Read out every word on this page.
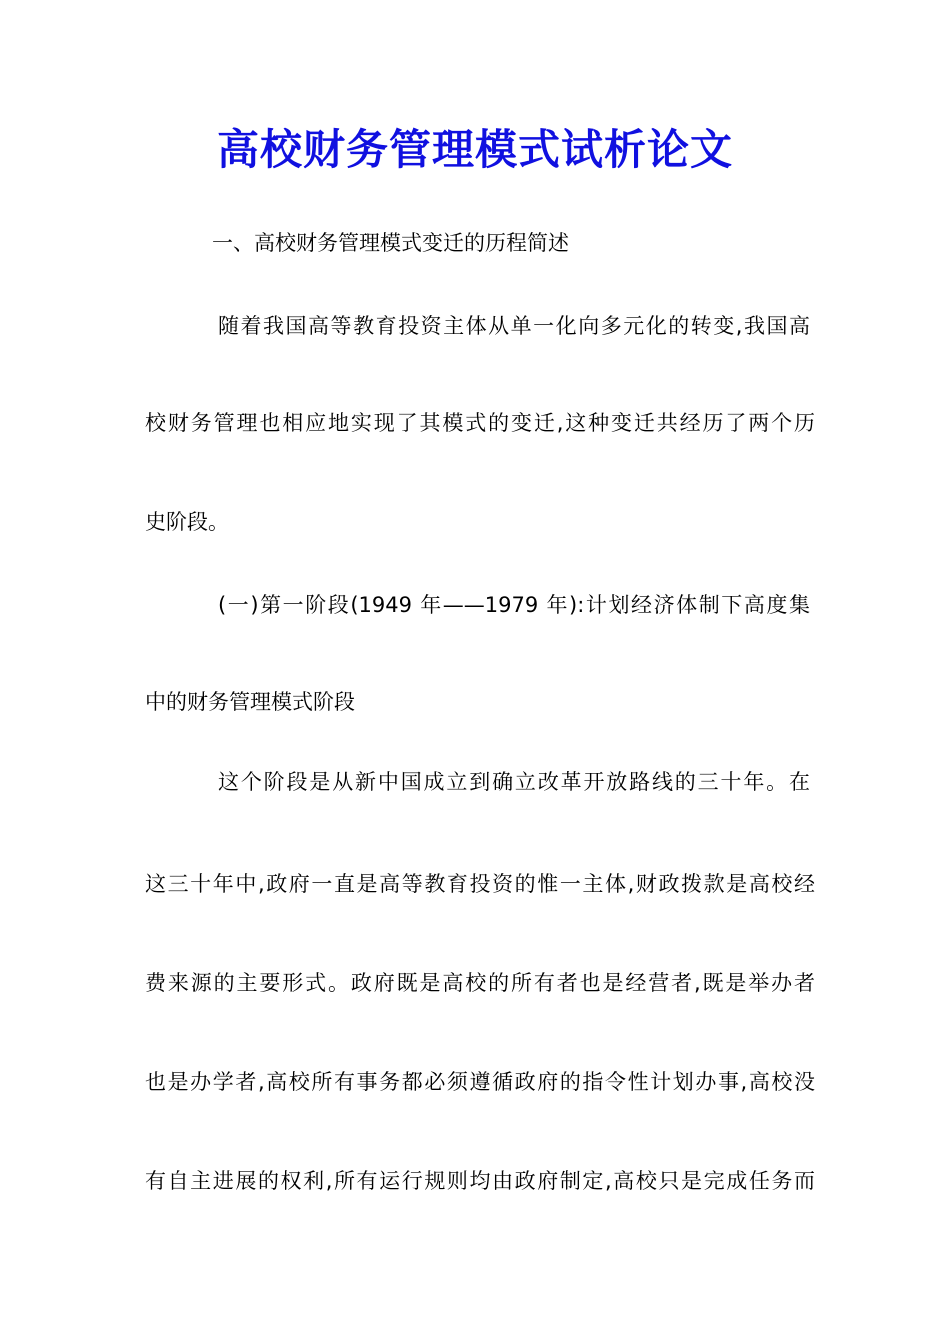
高校财务管理模式试析论文
一、高校财务管理模式变迁的历程简述
随着我国高等教育投资主体从单一化向多元化的转变,我国高
校财务管理也相应地实现了其模式的变迁,这种变迁共经历了两个历
史阶段。
(一)第一阶段(1949 年——1979 年):计划经济体制下高度集
中的财务管理模式阶段
这个阶段是从新中国成立到确立改革开放路线的三十年。在
这三十年中,政府一直是高等教育投资的惟一主体,财政拨款是高校经
费来源的主要形式。政府既是高校的所有者也是经营者,既是举办者
也是办学者,高校所有事务都必须遵循政府的指令性计划办事,高校没
有自主进展的权利,所有运行规则均由政府制定,高校只是完成任务而
